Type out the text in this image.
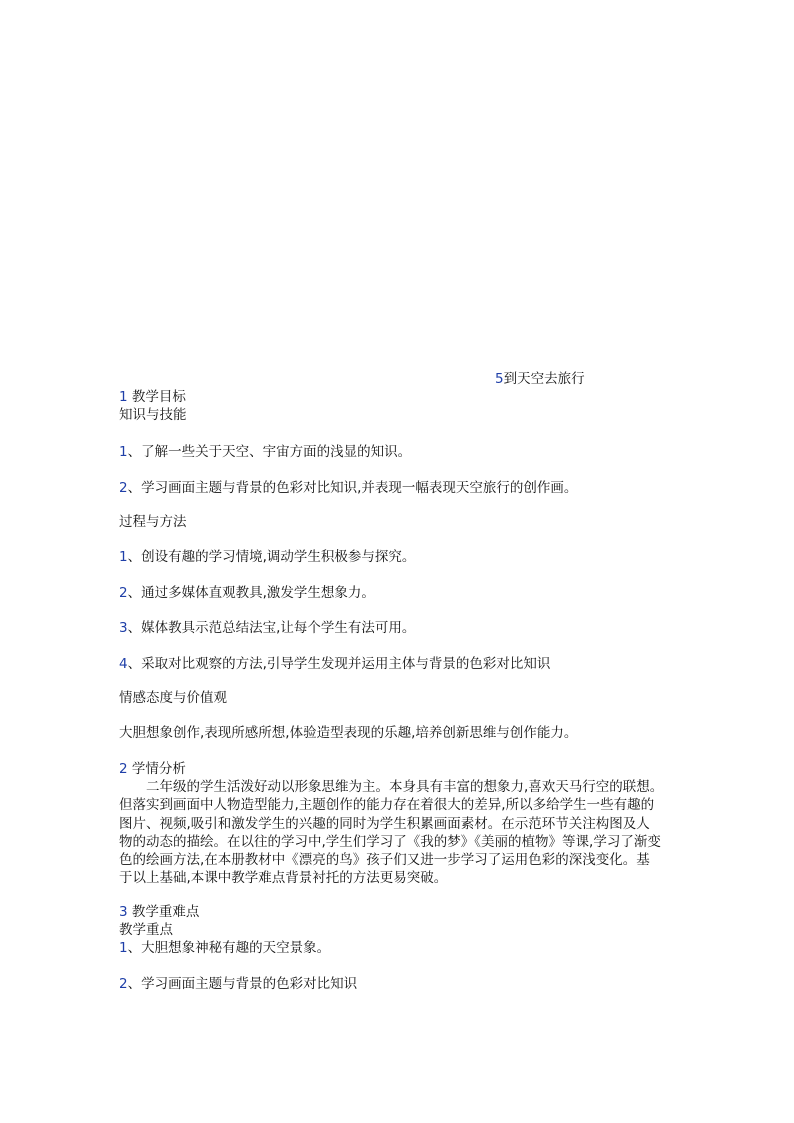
5到天空去旅行
1 教学目标
知识与技能
1、了解一些关于天空、宇宙方面的浅显的知识。
2、学习画面主题与背景的色彩对比知识,并表现一幅表现天空旅行的创作画。
过程与方法
1、创设有趣的学习情境,调动学生积极参与探究。
2、通过多媒体直观教具,激发学生想象力。
3、媒体教具示范总结法宝,让每个学生有法可用。
4、采取对比观察的方法,引导学生发现并运用主体与背景的色彩对比知识
情感态度与价值观
大胆想象创作,表现所感所想,体验造型表现的乐趣,培养创新思维与创作能力。
2 学情分析

　　二年级的学生活泼好动以形象思维为主。本身具有丰富的想象力,喜欢天马行空的联想。

但落实到画面中人物造型能力,主题创作的能力存在着很大的差异,所以多给学生一些有趣的

图片、视频,吸引和激发学生的兴趣的同时为学生积累画面素材。在示范环节关注构图及人

物的动态的描绘。在以往的学习中,学生们学习了《我的梦》《美丽的植物》等课,学习了渐变

色的绘画方法,在本册教材中《漂亮的鸟》孩子们又进一步学习了运用色彩的深浅变化。基

于以上基础,本课中教学难点背景衬托的方法更易突破。

3 教学重难点
教学重点
1、大胆想象神秘有趣的天空景象。
2、学习画面主题与背景的色彩对比知识
